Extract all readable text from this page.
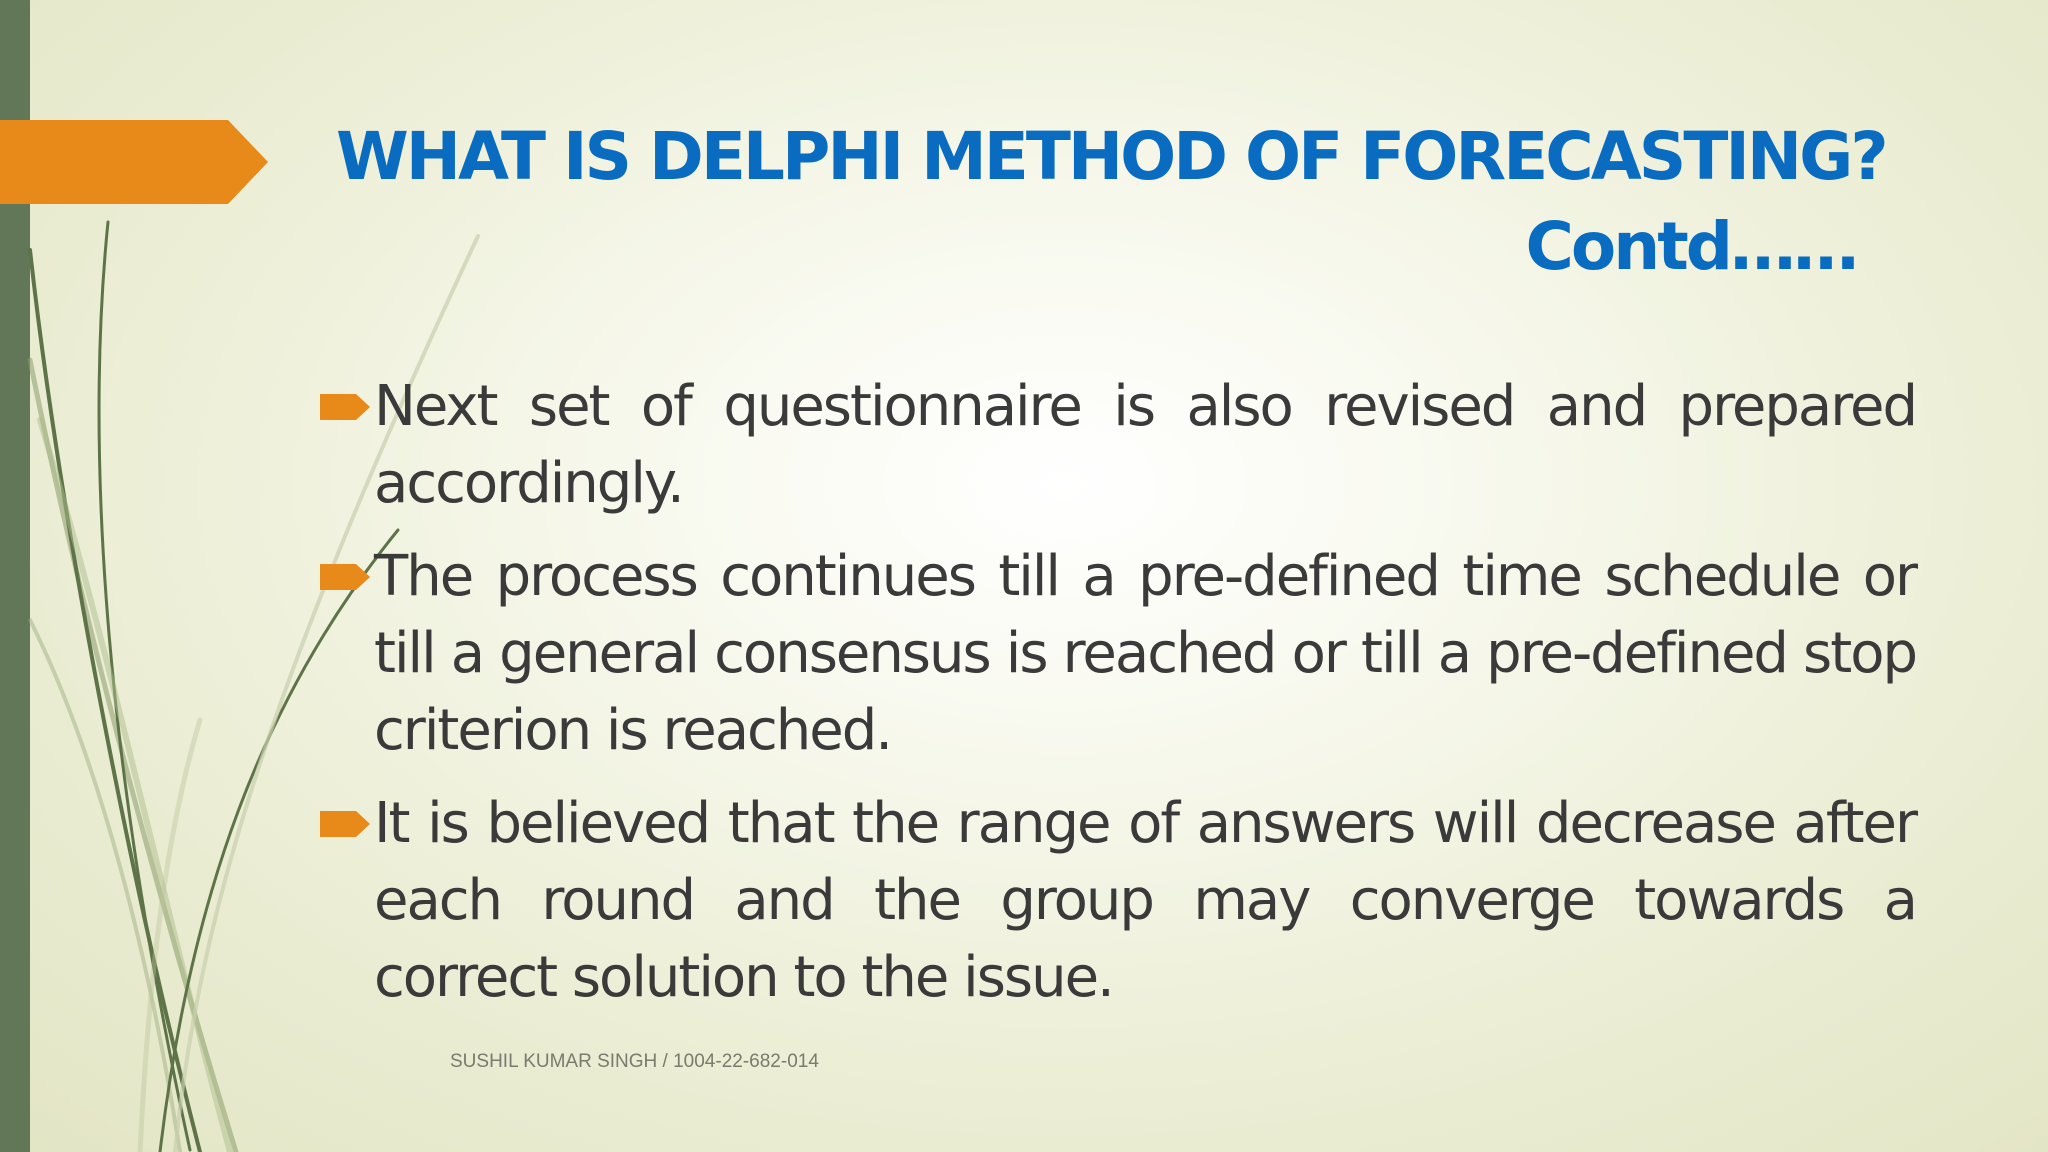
WHAT IS DELPHI METHOD OF FORECASTING?
Contd……
Next set of questionnaire is also revised and prepared accordingly.
The process continues till a pre-defined time schedule or till a general consensus is reached or till a pre-defined stop criterion is reached.
It is believed that the range of answers will decrease after each round and the group may converge towards a correct solution to the issue.
SUSHIL KUMAR SINGH / 1004-22-682-014
